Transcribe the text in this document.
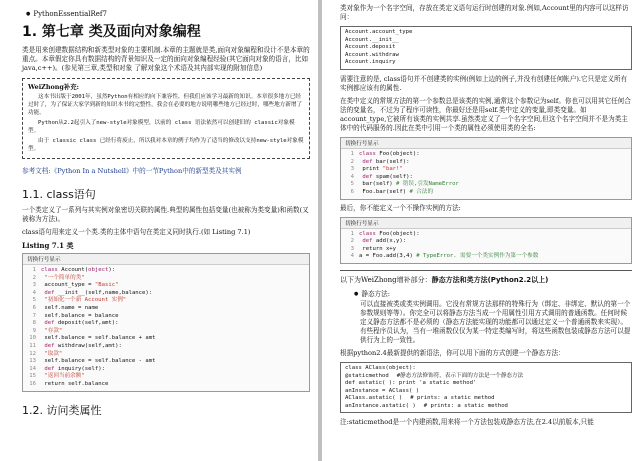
● PythonEssentialRef7
1. 第七章 类及面向对象编程

类是用来创建数据结构和新类型对象的主要机制.本章的主题就是类,面向对象编程和设计不是本章的重点。本章假定你具有数据结构的背景知识及一定的面向对象编程经验(其它面向对象的语言，比如java,c++)。(参见第三章,类型和对象 了解对象这个术语及其内部实现的附加信息)

WeiZhong补充:

这本书出版于2001年，虽然Python有相应的向下兼容性，但我们应该学习最新的知识。本章很多地方已经过时了，为了保证大家学到新的知识本书的完整性，我会在必要的地方说明哪些地方已经过时，哪些地方新增了功能。

Python从2.2起引入了new-style对象模型，以前的 class 语法依然可以创建旧的 classic对象模型。

由于 classic class 已经行将废止，所以我对本章的例子均作为了适当的修改以支持new-style对象模型。

参考文档:《Python In a Nutshell》中的一节Python中的新型类及其实例

1.1. class语句

一个类定义了一系列与其实例对象密切关联的属性.典型的属性包括变量(也被称为类变量)和函数(又被称为方法)。

class语句用来定义一个类.类的主体中语句在类定义同时执行.(如 Listing 7.1)

Listing 7.1 类
切换行号显示
1 class Account(object):
2 "一个简单的类"
3 account_type = "Basic"
4 def __init__(self,name,balance):
5 "初始化一个新 Account 实例"
6 self.name = name
7 self.balance = balance
8 def deposit(self,amt):
9 "存款"
10 self.balance = self.balance + amt
11 def withdraw(self,amt):
12 "取款"
13 self.balance = self.balance - amt
14 def inquiry(self):
15 "返回当前余额"
16 return self.balance
1.2. 访问类属性

类对象作为一个名字空间，存放在类定义语句运行时创建的对象.例如,Account里的内容可以这样访问：

Account.account_type
Account.__init__
Account.deposit
Account.withdraw
Account.inquiry

需要注意的是, class语句并不创建类的实例(例如上边的例子,并没有创建任何帐户).它只是定义所有实例都应该有的属性.

在类中定义的常规方法的第一个参数总是该类的实例,通常这个参数记为self。你也可以用其它任何合法的变量名，不过为了程序可读性，你最好还是用self.类中定义的变量,即类变量。如account_type,它被所有该类的实例共享.虽然类定义了一个名字空间,但这个名字空间并不是为类主体中的代码服务的.因此在类中引用一个类的属性必须使用类的全名:

切换行号显示
1 class Foo(object):
2 def bar(self):
3 print "bar!"
4 def spam(self):
5 bar(self) # 错误,引发NameError
6 Foo.bar(self) # 合法的

最后，你不能定义一个不操作实例的方法:

切换行号显示
1 class Foo(object):
2 def add(x,y):
3 return x+y
4 a = Foo.add(3,4) # TypeError. 需要一个类实例作为第一个参数
以下为WeiZhong增补部分：静态方法和类方法(Python2.2以上)
● 静态方法:

可以直接被类或类实例调用。它没有常规方法那样的特殊行为（绑定、非绑定、默认的第一个参数规则等等）。你完全可以将静态方法当成一个用属性引用方式调用的普通函数。任何时候定义静态方法都不是必须的（静态方法能实现的功能都可以通过定义一个普通函数来实现）。有些程序员认为，当有一堆函数仅仅为某一特定类编写时，将这些函数包装成静态方法可以提供行为上的一致性。

根据python2.4最新提供的新语法，你可以用下面的方式创建一个静态方法：

class AClass(object):
@staticmethod #静态方法修饰符，表示下面的方法是一个静态方法
def astatic( ): print 'a static method'
anInstance = AClass( )
AClass.astatic( ) # prints: a static method
anInstance.astatic( ) # prints: a static method

注:staticmethod是一个内建函数,用来将一个方法包装成静态方法,在2.4以前版本,只能
